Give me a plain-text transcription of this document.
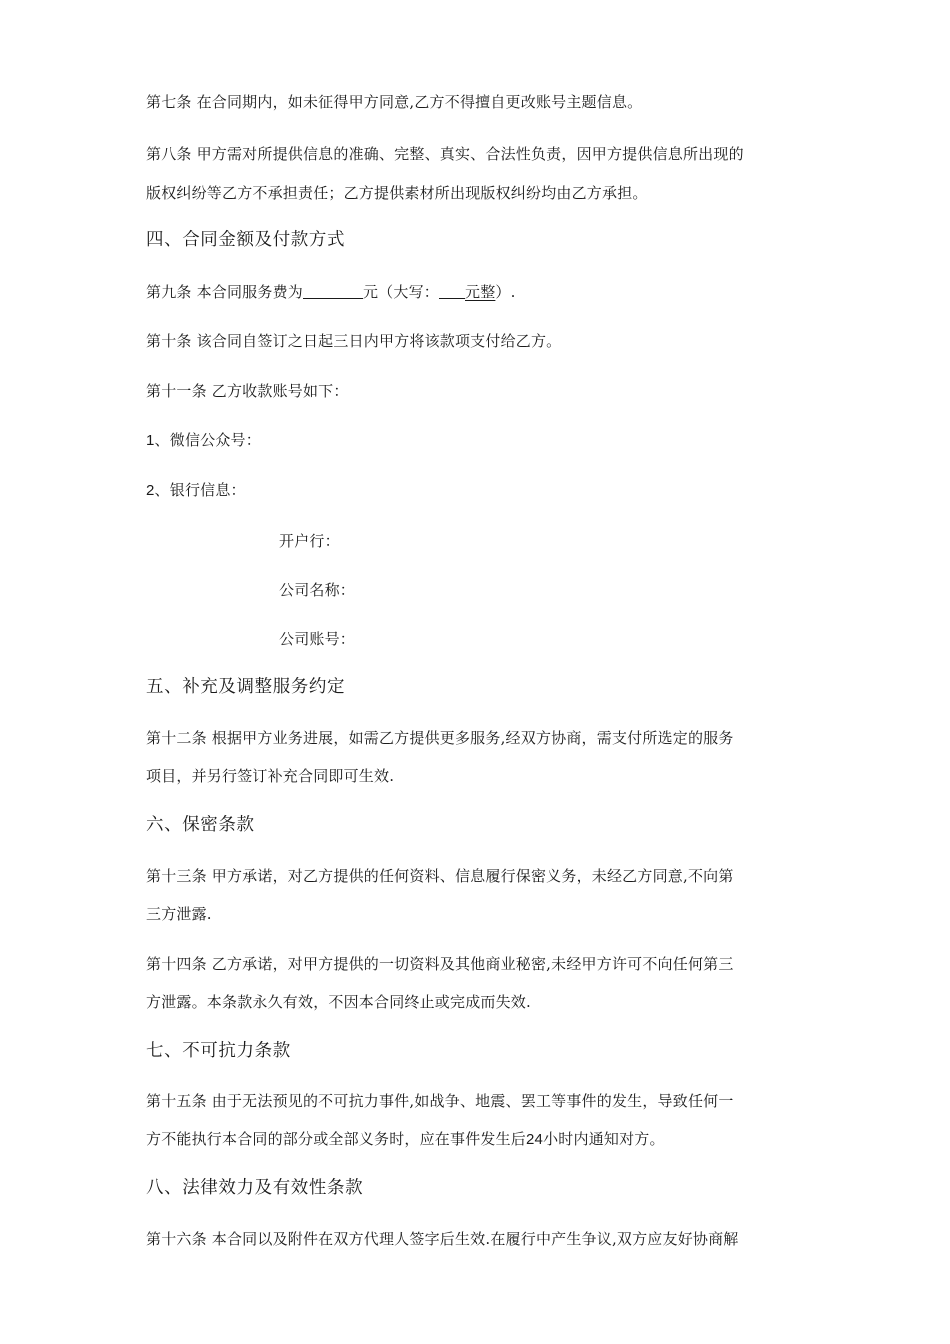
第七条 在合同期内，如未征得甲方同意,乙方不得擅自更改账号主题信息。
第八条 甲方需对所提供信息的准确、完整、真实、合法性负责，因甲方提供信息所出现的
版权纠纷等乙方不承担责任；乙方提供素材所出现版权纠纷均由乙方承担。
四、合同金额及付款方式
第九条 本合同服务费为	元（大写： 元整）.
第十条 该合同自签订之日起三日内甲方将该款项支付给乙方。
第十一条 乙方收款账号如下：
1、微信公众号：
2、银行信息：
开户行：
公司名称：
公司账号：
五、补充及调整服务约定
第十二条 根据甲方业务进展，如需乙方提供更多服务,经双方协商，需支付所选定的服务
项目，并另行签订补充合同即可生效.
六、保密条款
第十三条 甲方承诺，对乙方提供的任何资料、信息履行保密义务，未经乙方同意,不向第
三方泄露.
第十四条 乙方承诺，对甲方提供的一切资料及其他商业秘密,未经甲方许可不向任何第三
方泄露。本条款永久有效，不因本合同终止或完成而失效.
七、不可抗力条款
第十五条 由于无法预见的不可抗力事件,如战争、地震、罢工等事件的发生，导致任何一
方不能执行本合同的部分或全部义务时，应在事件发生后24小时内通知对方。
八、法律效力及有效性条款
第十六条 本合同以及附件在双方代理人签字后生效.在履行中产生争议,双方应友好协商解
